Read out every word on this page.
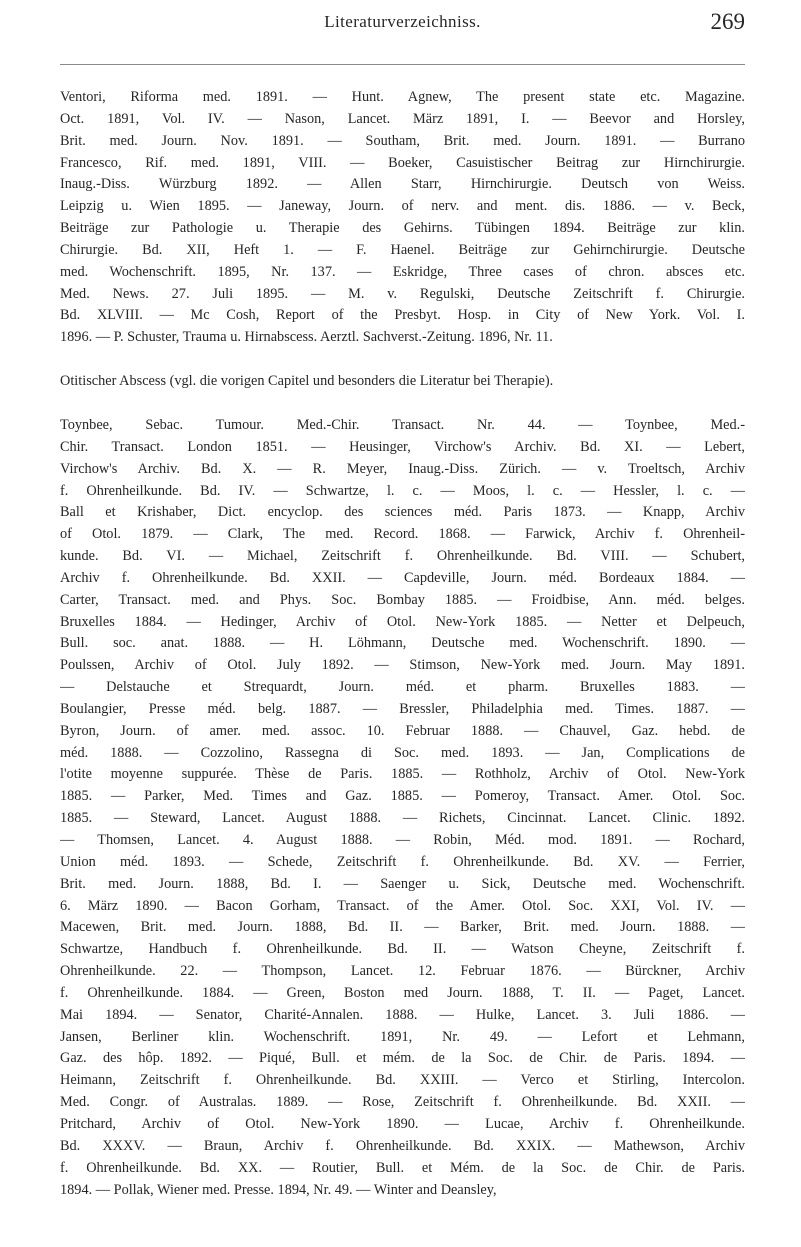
Literaturverzeichniss.	269
Ventori, Riforma med. 1891. — Hunt. Agnew, The present state etc. Magazine.
Oct. 1891, Vol. IV. — Nason, Lancet. März 1891, I. — Beevor and Horsley,
Brit. med. Journ. Nov. 1891. — Southam, Brit. med. Journ. 1891. — Burrano
Francesco, Rif. med. 1891, VIII. — Boeker, Casuistischer Beitrag zur Hirnchirurgie.
Inaug.-Diss. Würzburg 1892. — Allen Starr, Hirnchirurgie. Deutsch von Weiss.
Leipzig u. Wien 1895. — Janeway, Journ. of nerv. and ment. dis. 1886. — v. Beck,
Beiträge zur Pathologie u. Therapie des Gehirns. Tübingen 1894. Beiträge zur klin.
Chirurgie. Bd. XII, Heft 1. — F. Haenel. Beiträge zur Gehirnchirurgie. Deutsche
med. Wochenschrift. 1895, Nr. 137. — Eskridge, Three cases of chron. absces etc.
Med. News. 27. Juli 1895. — M. v. Regulski, Deutsche Zeitschrift f. Chirurgie.
Bd. XLVIII. — Mc Cosh, Report of the Presbyt. Hosp. in City of New York. Vol. I.
1896. — P. Schuster, Trauma u. Hirnabscess. Aerztl. Sachverst.-Zeitung. 1896, Nr. 11.
Otitischer Abscess (vgl. die vorigen Capitel und besonders die Literatur bei Therapie).
Toynbee, Sebac. Tumour. Med.-Chir. Transact. Nr. 44. — Toynbee, Med.-
Chir. Transact. London 1851. — Heusinger, Virchow's Archiv. Bd. XI. — Lebert,
Virchow's Archiv. Bd. X. — R. Meyer, Inaug.-Diss. Zürich. — v. Troeltsch, Archiv
f. Ohrenheilkunde. Bd. IV. — Schwartze, l. c. — Moos, l. c. — Hessler, l. c. —
Ball et Krishaber, Dict. encyclop. des sciences méd. Paris 1873. — Knapp, Archiv
of Otol. 1879. — Clark, The med. Record. 1868. — Farwick, Archiv f. Ohrenheil-
kunde. Bd. VI. — Michael, Zeitschrift f. Ohrenheilkunde. Bd. VIII. — Schubert,
Archiv f. Ohrenheilkunde. Bd. XXII. — Capdeville, Journ. méd. Bordeaux 1884. —
Carter, Transact. med. and Phys. Soc. Bombay 1885. — Froidbise, Ann. méd. belges.
Bruxelles 1884. — Hedinger, Archiv of Otol. New-York 1885. — Netter et Delpeuch,
Bull. soc. anat. 1888. — H. Löhmann, Deutsche med. Wochenschrift. 1890. —
Poulssen, Archiv of Otol. July 1892. — Stimson, New-York med. Journ. May 1891.
— Delstauche et Strequardt, Journ. méd. et pharm. Bruxelles 1883. —
Boulangier, Presse méd. belg. 1887. — Bressler, Philadelphia med. Times. 1887. —
Byron, Journ. of amer. med. assoc. 10. Februar 1888. — Chauvel, Gaz. hebd. de
méd. 1888. — Cozzolino, Rassegna di Soc. med. 1893. — Jan, Complications de
l'otite moyenne suppurée. Thèse de Paris. 1885. — Rothholz, Archiv of Otol. New-York
1885. — Parker, Med. Times and Gaz. 1885. — Pomeroy, Transact. Amer. Otol. Soc.
1885. — Steward, Lancet. August 1888. — Richets, Cincinnat. Lancet. Clinic. 1892.
— Thomsen, Lancet. 4. August 1888. — Robin, Méd. mod. 1891. — Rochard,
Union méd. 1893. — Schede, Zeitschrift f. Ohrenheilkunde. Bd. XV. — Ferrier,
Brit. med. Journ. 1888, Bd. I. — Saenger u. Sick, Deutsche med. Wochenschrift.
6. März 1890. — Bacon Gorham, Transact. of the Amer. Otol. Soc. XXI, Vol. IV. —
Macewen, Brit. med. Journ. 1888, Bd. II. — Barker, Brit. med. Journ. 1888. —
Schwartze, Handbuch f. Ohrenheilkunde. Bd. II. — Watson Cheyne, Zeitschrift f.
Ohrenheilkunde. 22. — Thompson, Lancet. 12. Februar 1876. — Bürckner, Archiv
f. Ohrenheilkunde. 1884. — Green, Boston med Journ. 1888, T. II. — Paget, Lancet.
Mai 1894. — Senator, Charité-Annalen. 1888. — Hulke, Lancet. 3. Juli 1886. —
Jansen, Berliner klin. Wochenschrift. 1891, Nr. 49. — Lefort et Lehmann,
Gaz. des hôp. 1892. — Piqué, Bull. et mém. de la Soc. de Chir. de Paris. 1894. —
Heimann, Zeitschrift f. Ohrenheilkunde. Bd. XXIII. — Verco et Stirling, Intercolon.
Med. Congr. of Australas. 1889. — Rose, Zeitschrift f. Ohrenheilkunde. Bd. XXII. —
Pritchard, Archiv of Otol. New-York 1890. — Lucae, Archiv f. Ohrenheilkunde.
Bd. XXXV. — Braun, Archiv f. Ohrenheilkunde. Bd. XXIX. — Mathewson, Archiv
f. Ohrenheilkunde. Bd. XX. — Routier, Bull. et Mém. de la Soc. de Chir. de Paris.
1894. — Pollak, Wiener med. Presse. 1894, Nr. 49. — Winter and Deansley,
